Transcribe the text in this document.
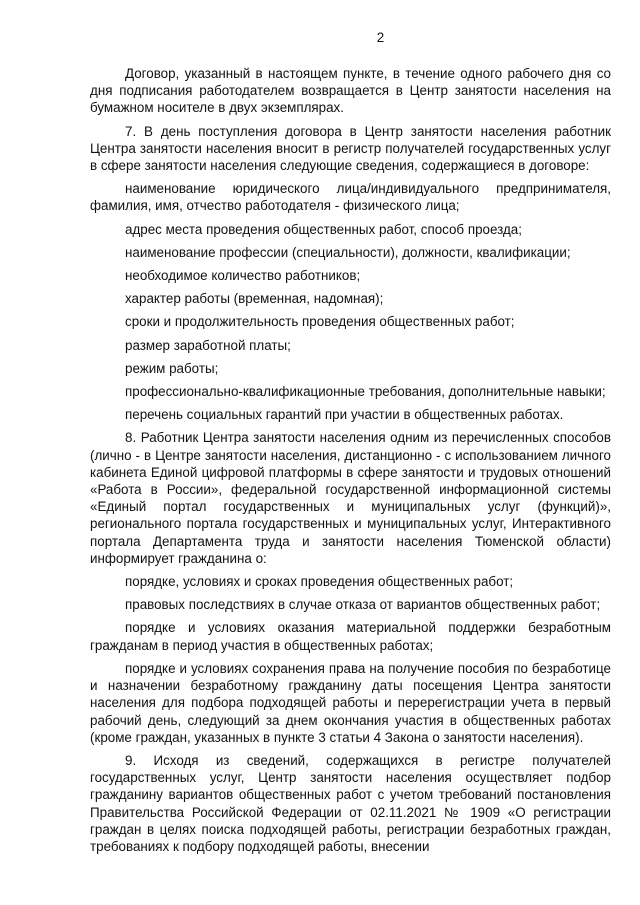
2

Договор, указанный в настоящем пункте, в течение одного рабочего дня со дня подписания работодателем возвращается в Центр занятости населения на бумажном носителе в двух экземплярах.

7. В день поступления договора в Центр занятости населения работник Центра занятости населения вносит в регистр получателей государственных услуг в сфере занятости населения следующие сведения, содержащиеся в договоре:

наименование юридического лица/индивидуального предпринимателя, фамилия, имя, отчество работодателя - физического лица;

адрес места проведения общественных работ, способ проезда;

наименование профессии (специальности), должности, квалификации;

необходимое количество работников;

характер работы (временная, надомная);

сроки и продолжительность проведения общественных работ;

размер заработной платы;

режим работы;

профессионально-квалификационные требования, дополнительные навыки;

перечень социальных гарантий при участии в общественных работах.

8. Работник Центра занятости населения одним из перечисленных способов (лично - в Центре занятости населения, дистанционно - с использованием личного кабинета Единой цифровой платформы в сфере занятости и трудовых отношений «Работа в России», федеральной государственной информационной системы «Единый портал государственных и муниципальных услуг (функций)», регионального портала государственных и муниципальных услуг, Интерактивного портала Департамента труда и занятости населения Тюменской области) информирует гражданина о:

порядке, условиях и сроках проведения общественных работ;

правовых последствиях в случае отказа от вариантов общественных работ;

порядке и условиях оказания материальной поддержки безработным гражданам в период участия в общественных работах;

порядке и условиях сохранения права на получение пособия по безработице и назначении безработному гражданину даты посещения Центра занятости населения для подбора подходящей работы и перерегистрации учета в первый рабочий день, следующий за днем окончания участия в общественных работах (кроме граждан, указанных в пункте 3 статьи 4 Закона о занятости населения).

9. Исходя из сведений, содержащихся в регистре получателей государственных услуг, Центр занятости населения осуществляет подбор гражданину вариантов общественных работ с учетом требований постановления Правительства Российской Федерации от 02.11.2021 № 1909 «О регистрации граждан в целях поиска подходящей работы, регистрации безработных граждан, требованиях к подбору подходящей работы, внесении
